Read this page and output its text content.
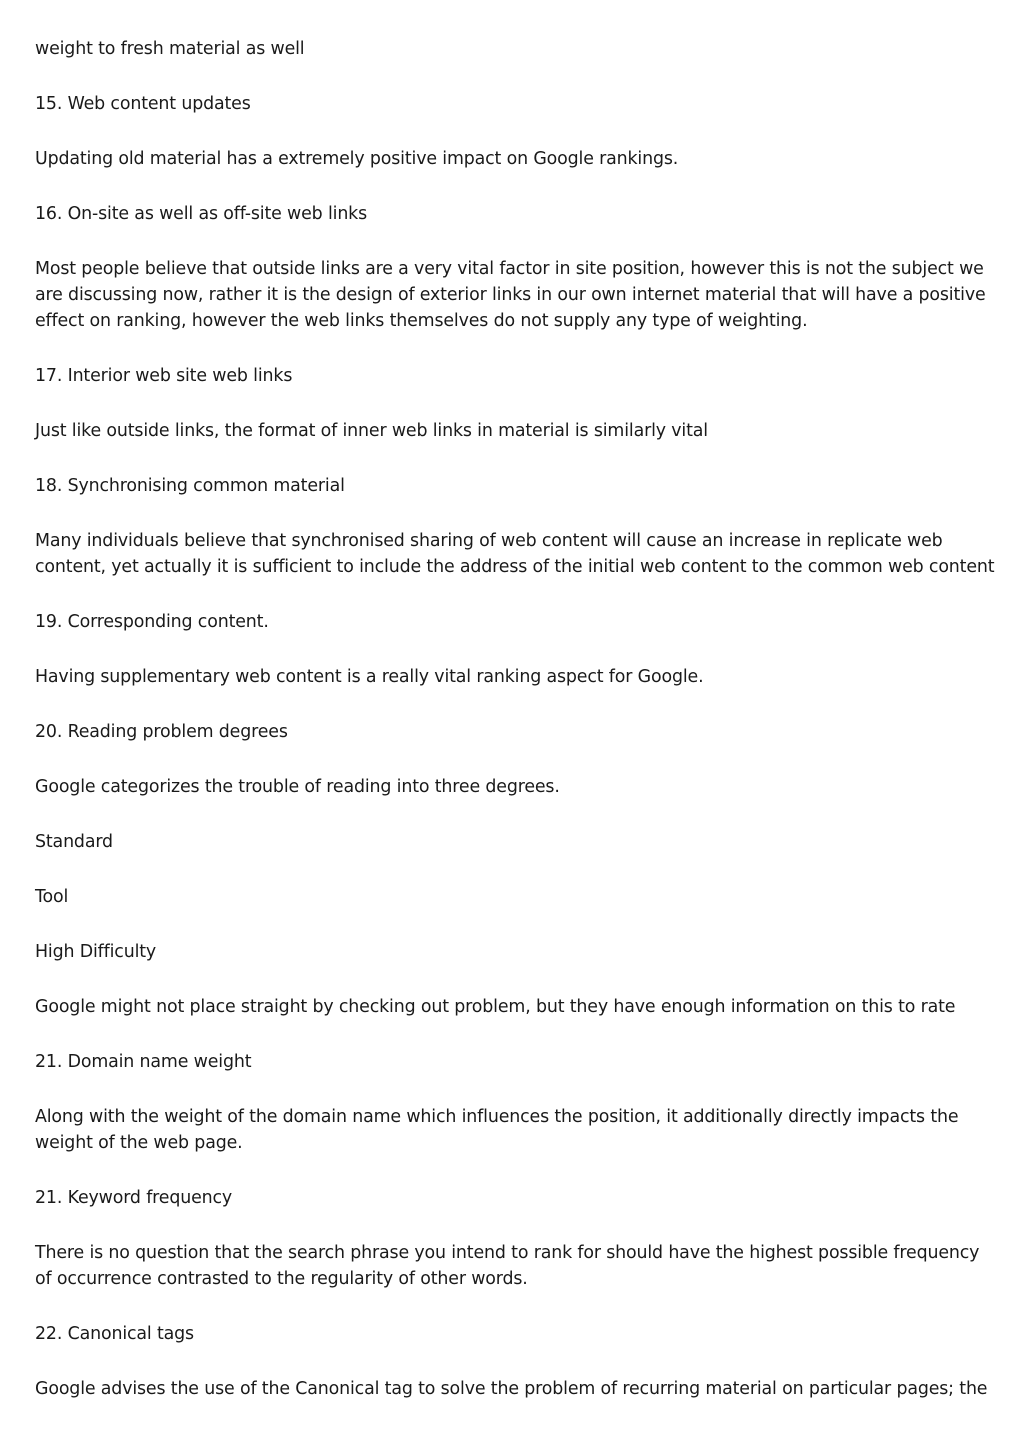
weight to fresh material as well

15. Web content updates

Updating old material has a extremely positive impact on Google rankings.

16. On-site as well as off-site web links

Most people believe that outside links are a very vital factor in site position, however this is not the subject we are discussing now, rather it is the design of exterior links in our own internet material that will have a positive effect on ranking, however the web links themselves do not supply any type of weighting.

17. Interior web site web links

Just like outside links, the format of inner web links in material is similarly vital

18. Synchronising common material

Many individuals believe that synchronised sharing of web content will cause an increase in replicate web content, yet actually it is sufficient to include the address of the initial web content to the common web content

19. Corresponding content.

Having supplementary web content is a really vital ranking aspect for Google.

20. Reading problem degrees

Google categorizes the trouble of reading into three degrees.

Standard

Tool

High Difficulty

Google might not place straight by checking out problem, but they have enough information on this to rate

21. Domain name weight

Along with the weight of the domain name which influences the position, it additionally directly impacts the weight of the web page.

21. Keyword frequency

There is no question that the search phrase you intend to rank for should have the highest possible frequency of occurrence contrasted to the regularity of other words.

22. Canonical tags

Google advises the use of the Canonical tag to solve the problem of recurring material on particular pages; the
